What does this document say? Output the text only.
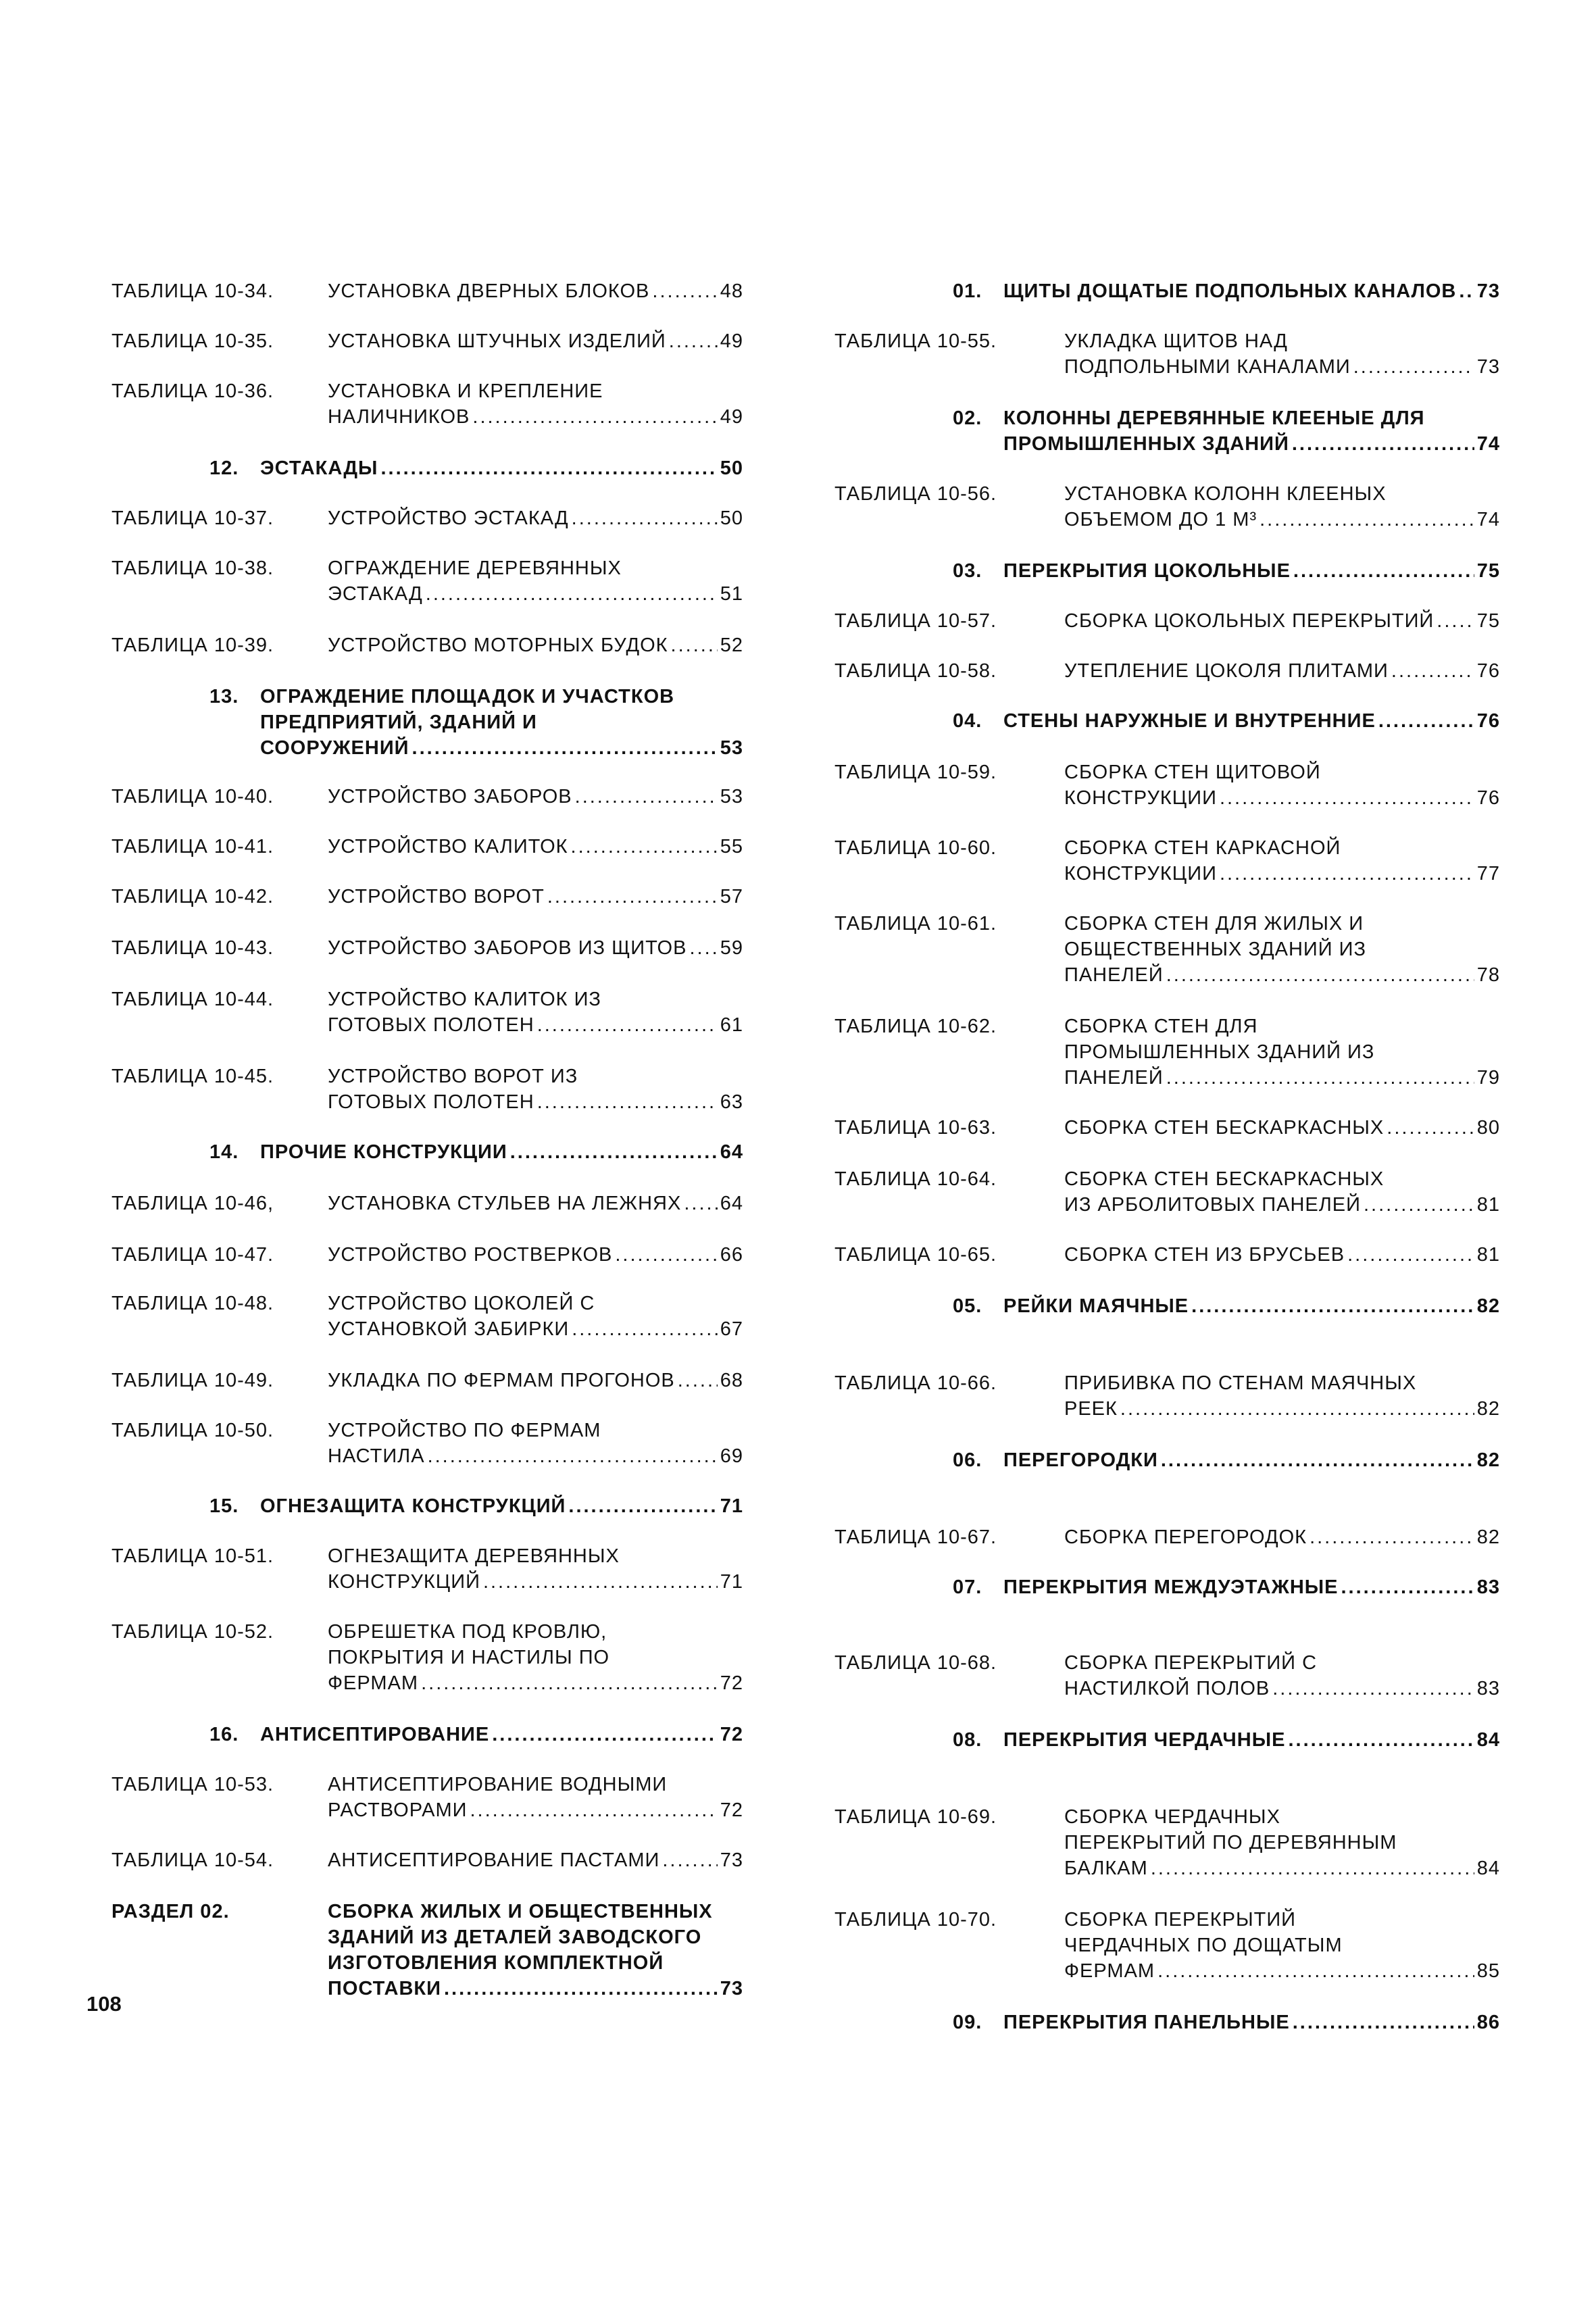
ТАБЛИЦА 10-34.	УСТАНОВКА ДВЕРНЫХ БЛОКОВ .....	48
ТАБЛИЦА 10-35.	УСТАНОВКА ШТУЧНЫХ ИЗДЕЛИЙ .....	49
ТАБЛИЦА 10-36.	УСТАНОВКА И КРЕПЛЕНИЕ
НАЛИЧНИКОВ .....	49
12. ЭСТАКАДЫ .....	50
ТАБЛИЦА 10-37.	УСТРОЙСТВО ЭСТАКАД .....	50
ТАБЛИЦА 10-38.	ОГРАЖДЕНИЕ ДЕРЕВЯННЫХ
ЭСТАКАД .....	51
ТАБЛИЦА 10-39.	УСТРОЙСТВО МОТОРНЫХ БУДОК .....	52
13. ОГРАЖДЕНИЕ ПЛОЩАДОК И УЧАСТКОВ
ПРЕДПРИЯТИЙ, ЗДАНИЙ И
СООРУЖЕНИЙ .....	53
ТАБЛИЦА 10-40.	УСТРОЙСТВО ЗАБОРОВ .....	53
ТАБЛИЦА 10-41.	УСТРОЙСТВО КАЛИТОК .....	55
ТАБЛИЦА 10-42.	УСТРОЙСТВО ВОРОТ .....	57
ТАБЛИЦА 10-43.	УСТРОЙСТВО ЗАБОРОВ ИЗ ЩИТОВ ..... 59
ТАБЛИЦА 10-44.	УСТРОЙСТВО КАЛИТОК ИЗ
ГОТОВЫХ ПОЛОТЕН .....	61
ТАБЛИЦА 10-45.	УСТРОЙСТВО ВОРОТ ИЗ
ГОТОВЫХ ПОЛОТЕН .....	63
14. ПРОЧИЕ КОНСТРУКЦИИ .....	64
ТАБЛИЦА 10-46,	УСТАНОВКА СТУЛЬЕВ НА ЛЕЖНЯХ ..... 64
ТАБЛИЦА 10-47.	УСТРОЙСТВО РОСТВЕРКОВ .....	66
ТАБЛИЦА 10-48.	УСТРОЙСТВО ЦОКОЛЕЙ С
УСТАНОВКОЙ ЗАБИРКИ .....	67
ТАБЛИЦА 10-49.	УКЛАДКА ПО ФЕРМАМ ПРОГОНОВ ..... 68
ТАБЛИЦА 10-50.	УСТРОЙСТВО ПО ФЕРМАМ
НАСТИЛА .....	69
15. ОГНЕЗАЩИТА КОНСТРУКЦИЙ .....	71
ТАБЛИЦА 10-51.	ОГНЕЗАЩИТА ДЕРЕВЯННЫХ
КОНСТРУКЦИЙ .....	71
ТАБЛИЦА 10-52.	ОБРЕШЕТКА ПОД КРОВЛЮ,
ПОКРЫТИЯ И НАСТИЛЫ ПО
ФЕРМАМ .....	72
16. АНТИСЕПТИРОВАНИЕ .....	72
ТАБЛИЦА 10-53.	АНТИСЕПТИРОВАНИЕ ВОДНЫМИ
РАСТВОРАМИ .....	72
ТАБЛИЦА 10-54.	АНТИСЕПТИРОВАНИЕ ПАСТАМИ .....	73
РАЗДЕЛ 02.	СБОРКА ЖИЛЫХ И ОБЩЕСТВЕННЫХ
ЗДАНИЙ ИЗ ДЕТАЛЕЙ ЗАВОДСКОГО
ИЗГОТОВЛЕНИЯ КОМПЛЕКТНОЙ
ПОСТАВКИ .....	73
01. ЩИТЫ ДОЩАТЫЕ ПОДПОЛЬНЫХ КАНАЛОВ ..... 73
ТАБЛИЦА 10-55.	УКЛАДКА ЩИТОВ НАД
ПОДПОЛЬНЫМИ КАНАЛАМИ .....	73
02. КОЛОННЫ ДЕРЕВЯННЫЕ КЛЕЕНЫЕ ДЛЯ
ПРОМЫШЛЕННЫХ ЗДАНИЙ .....	74
ТАБЛИЦА 10-56.	УСТАНОВКА КОЛОНН КЛЕЕНЫХ
ОБЪЕМОМ ДО 1 М³ .....	74
03. ПЕРЕКРЫТИЯ ЦОКОЛЬНЫЕ .....	75
ТАБЛИЦА 10-57.	СБОРКА ЦОКОЛЬНЫХ ПЕРЕКРЫТИЙ ..... 75
ТАБЛИЦА 10-58.	УТЕПЛЕНИЕ ЦОКОЛЯ ПЛИТАМИ .....	76
04. СТЕНЫ НАРУЖНЫЕ И ВНУТРЕННИЕ .....	76
ТАБЛИЦА 10-59.	СБОРКА СТЕН ЩИТОВОЙ
КОНСТРУКЦИИ .....	76
ТАБЛИЦА 10-60.	СБОРКА СТЕН КАРКАСНОЙ
КОНСТРУКЦИИ .....	77
ТАБЛИЦА 10-61.	СБОРКА СТЕН ДЛЯ ЖИЛЫХ И
ОБЩЕСТВЕННЫХ ЗДАНИЙ ИЗ
ПАНЕЛЕЙ .....	78
ТАБЛИЦА 10-62.	СБОРКА СТЕН ДЛЯ
ПРОМЫШЛЕННЫХ ЗДАНИЙ ИЗ
ПАНЕЛЕЙ .....	79
ТАБЛИЦА 10-63.	СБОРКА СТЕН БЕСКАРКАСНЫХ .....	80
ТАБЛИЦА 10-64.	СБОРКА СТЕН БЕСКАРКАСНЫХ
ИЗ АРБОЛИТОВЫХ ПАНЕЛЕЙ .....	81
ТАБЛИЦА 10-65.	СБОРКА СТЕН ИЗ БРУСЬЕВ .....	81
05. РЕЙКИ МАЯЧНЫЕ .....	82
ТАБЛИЦА 10-66.	ПРИБИВКА ПО СТЕНАМ МАЯЧНЫХ
РЕЕК .....	82
06. ПЕРЕГОРОДКИ .....	82
ТАБЛИЦА 10-67.	СБОРКА ПЕРЕГОРОДОК .....	82
07. ПЕРЕКРЫТИЯ МЕЖДУЭТАЖНЫЕ .....	83
ТАБЛИЦА 10-68.	СБОРКА ПЕРЕКРЫТИЙ С
НАСТИЛКОЙ ПОЛОВ .....	83
08. ПЕРЕКРЫТИЯ ЧЕРДАЧНЫЕ .....	84
ТАБЛИЦА 10-69.	СБОРКА ЧЕРДАЧНЫХ
ПЕРЕКРЫТИЙ ПО ДЕРЕВЯННЫМ
БАЛКАМ .....	84
ТАБЛИЦА 10-70.	СБОРКА ПЕРЕКРЫТИЙ
ЧЕРДАЧНЫХ ПО ДОЩАТЫМ
ФЕРМАМ .....	85
09. ПЕРЕКРЫТИЯ ПАНЕЛЬНЫЕ .....	86
108
